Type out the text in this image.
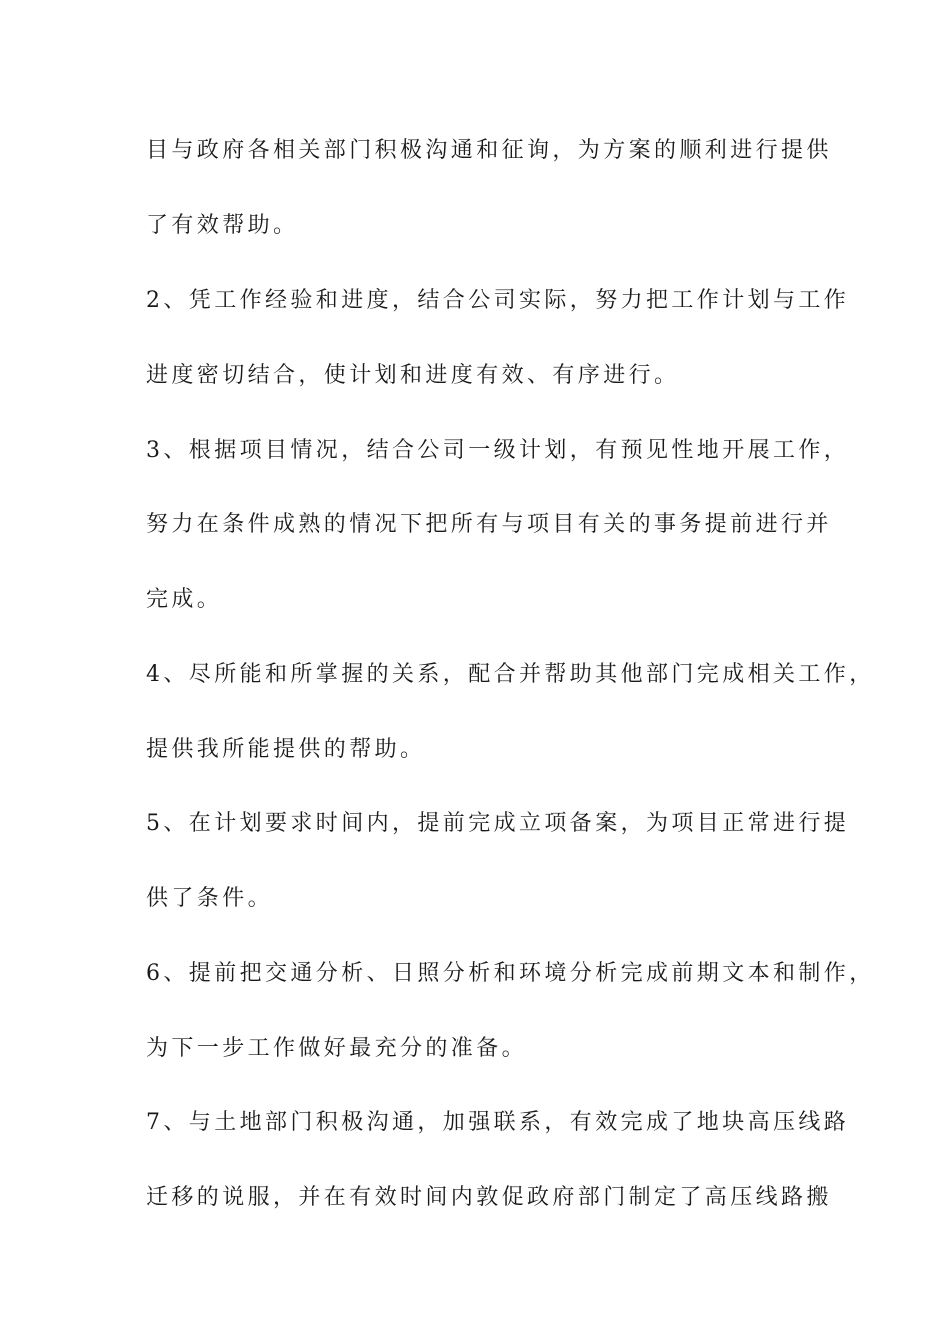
目与政府各相关部门积极沟通和征询，为方案的顺利进行提供
了有效帮助。
2、凭工作经验和进度，结合公司实际，努力把工作计划与工作
进度密切结合，使计划和进度有效、有序进行。
3、根据项目情况，结合公司一级计划，有预见性地开展工作，
努力在条件成熟的情况下把所有与项目有关的事务提前进行并
完成。
4、尽所能和所掌握的关系，配合并帮助其他部门完成相关工作，
提供我所能提供的帮助。
5、在计划要求时间内，提前完成立项备案，为项目正常进行提
供了条件。
6、提前把交通分析、日照分析和环境分析完成前期文本和制作，
为下一步工作做好最充分的准备。
7、与土地部门积极沟通，加强联系，有效完成了地块高压线路
迁移的说服，并在有效时间内敦促政府部门制定了高压线路搬
